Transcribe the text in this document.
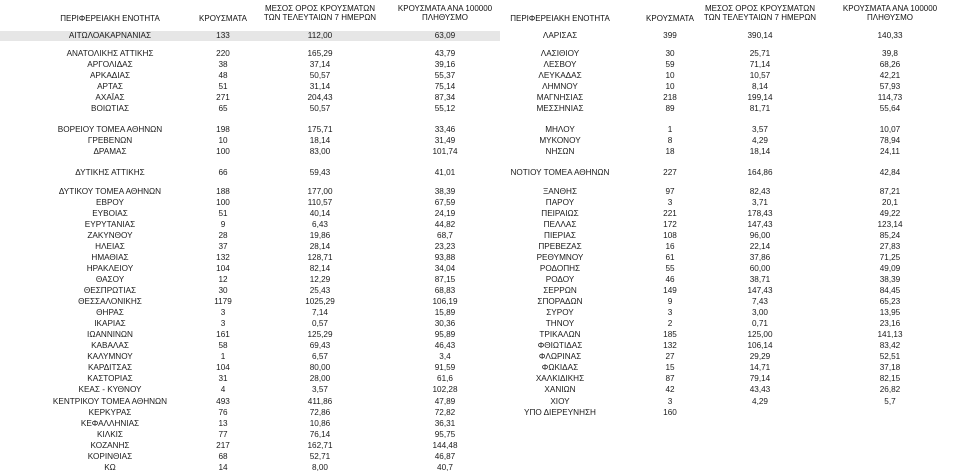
ΠΕΡΙΦΕΡΕΙΑΚΗ ΕΝΟΤΗΤΑ	ΚΡΟΥΣΜΑΤΑ
ΜΕΣΟΣ ΟΡΟΣ ΚΡΟΥΣΜΑΤΩΝ
ΤΩΝ ΤΕΛΕΥΤΑΙΩΝ 7 ΗΜΕΡΩΝ
ΚΡΟΥΣΜΑΤΑ ΑΝΑ 100000
ΠΛΗΘΥΣΜΟ
ΑΙΤΩΛΟΑΚΑΡΝΑΝΙΑΣ	133	112,00	63,09
ΑΝΑΤΟΛΙΚΗΣ ΑΤΤΙΚΗΣ	220	165,29	43,79
ΑΡΓΟΛΙΔΑΣ	38	37,14	39,16
ΑΡΚΑΔΙΑΣ	48	50,57	55,37
ΑΡΤΑΣ	51	31,14	75,14
ΑΧΑΪΑΣ	271	204,43	87,34
ΒΟΙΩΤΙΑΣ	65	50,57	55,12
ΒΟΡΕΙΟΥ ΤΟΜΕΑ ΑΘΗΝΩΝ	198	175,71	33,46
ΓΡΕΒΕΝΩΝ	10	18,14	31,49
ΔΡΑΜΑΣ	100	83,00	101,74
ΔΥΤΙΚΗΣ ΑΤΤΙΚΗΣ	66	59,43	41,01
ΔΥΤΙΚΟΥ ΤΟΜΕΑ ΑΘΗΝΩΝ	188	177,00	38,39
ΕΒΡΟΥ	100	110,57	67,59
ΕΥΒΟΙΑΣ	51	40,14	24,19
ΕΥΡΥΤΑΝΙΑΣ	9	6,43	44,82
ΖΑΚΥΝΘΟΥ	28	19,86	68,7
ΗΛΕΙΑΣ	37	28,14	23,23
ΗΜΑΘΙΑΣ	132	128,71	93,88
ΗΡΑΚΛΕΙΟΥ	104	82,14	34,04
ΘΑΣΟΥ	12	12,29	87,15
ΘΕΣΠΡΩΤΙΑΣ	30	25,43	68,83
ΘΕΣΣΑΛΟΝΙΚΗΣ	1179	1025,29	106,19
ΘΗΡΑΣ	3	7,14	15,89
ΙΚΑΡΙΑΣ	3	0,57	30,36
ΙΩΑΝΝΙΝΩΝ	161	125,29	95,89
ΚΑΒΑΛΑΣ	58	69,43	46,43
ΚΑΛΥΜΝΟΥ	1	6,57	3,4
ΚΑΡΔΙΤΣΑΣ	104	80,00	91,59
ΚΑΣΤΟΡΙΑΣ	31	28,00	61,6
ΚΕΑΣ - ΚΥΘΝΟΥ	4	3,57	102,28
ΚΕΝΤΡΙΚΟΥ ΤΟΜΕΑ ΑΘΗΝΩΝ	493	411,86	47,89
ΚΕΡΚΥΡΑΣ	76	72,86	72,82
ΚΕΦΑΛΛΗΝΙΑΣ	13	10,86	36,31
ΚΙΛΚΙΣ	77	76,14	95,75
ΚΟΖΑΝΗΣ	217	162,71	144,48
ΚΟΡΙΝΘΙΑΣ	68	52,71	46,87
ΚΩ	14	8,00	40,7
ΠΕΡΙΦΕΡΕΙΑΚΗ ΕΝΟΤΗΤΑ	ΚΡΟΥΣΜΑΤΑ
ΜΕΣΟΣ ΟΡΟΣ ΚΡΟΥΣΜΑΤΩΝ
ΤΩΝ ΤΕΛΕΥΤΑΙΩΝ 7 ΗΜΕΡΩΝ
ΚΡΟΥΣΜΑΤΑ ΑΝΑ 100000
ΠΛΗΘΥΣΜΟ
ΛΑΡΙΣΑΣ	399	390,14	140,33
ΛΑΣΙΘΙΟΥ	30	25,71	39,8
ΛΕΣΒΟΥ	59	71,14	68,26
ΛΕΥΚΑΔΑΣ	10	10,57	42,21
ΛΗΜΝΟΥ	10	8,14	57,93
ΜΑΓΝΗΣΙΑΣ	218	199,14	114,73
ΜΕΣΣΗΝΙΑΣ	89	81,71	55,64
ΜΗΛΟΥ	1	3,57	10,07
ΜΥΚΟΝΟΥ	8	4,29	78,94
ΝΗΣΩΝ	18	18,14	24,11
ΝΟΤΙΟΥ ΤΟΜΕΑ ΑΘΗΝΩΝ	227	164,86	42,84
ΞΑΝΘΗΣ	97	82,43	87,21
ΠΑΡΟΥ	3	3,71	20,1
ΠΕΙΡΑΙΩΣ	221	178,43	49,22
ΠΕΛΛΑΣ	172	147,43	123,14
ΠΙΕΡΙΑΣ	108	96,00	85,24
ΠΡΕΒΕΖΑΣ	16	22,14	27,83
ΡΕΘΥΜΝΟΥ	61	37,86	71,25
ΡΟΔΟΠΗΣ	55	60,00	49,09
ΡΟΔΟΥ	46	38,71	38,39
ΣΕΡΡΩΝ	149	147,43	84,45
ΣΠΟΡΑΔΩΝ	9	7,43	65,23
ΣΥΡΟΥ	3	3,00	13,95
ΤΗΝΟΥ	2	0,71	23,16
ΤΡΙΚΑΛΩΝ	185	125,00	141,13
ΦΘΙΩΤΙΔΑΣ	132	106,14	83,42
ΦΛΩΡΙΝΑΣ	27	29,29	52,51
ΦΩΚΙΔΑΣ	15	14,71	37,18
ΧΑΛΚΙΔΙΚΗΣ	87	79,14	82,15
ΧΑΝΙΩΝ	42	43,43	26,82
ΧΙΟΥ	3	4,29	5,7
ΥΠΟ ΔΙΕΡΕΥΝΗΣΗ	160
